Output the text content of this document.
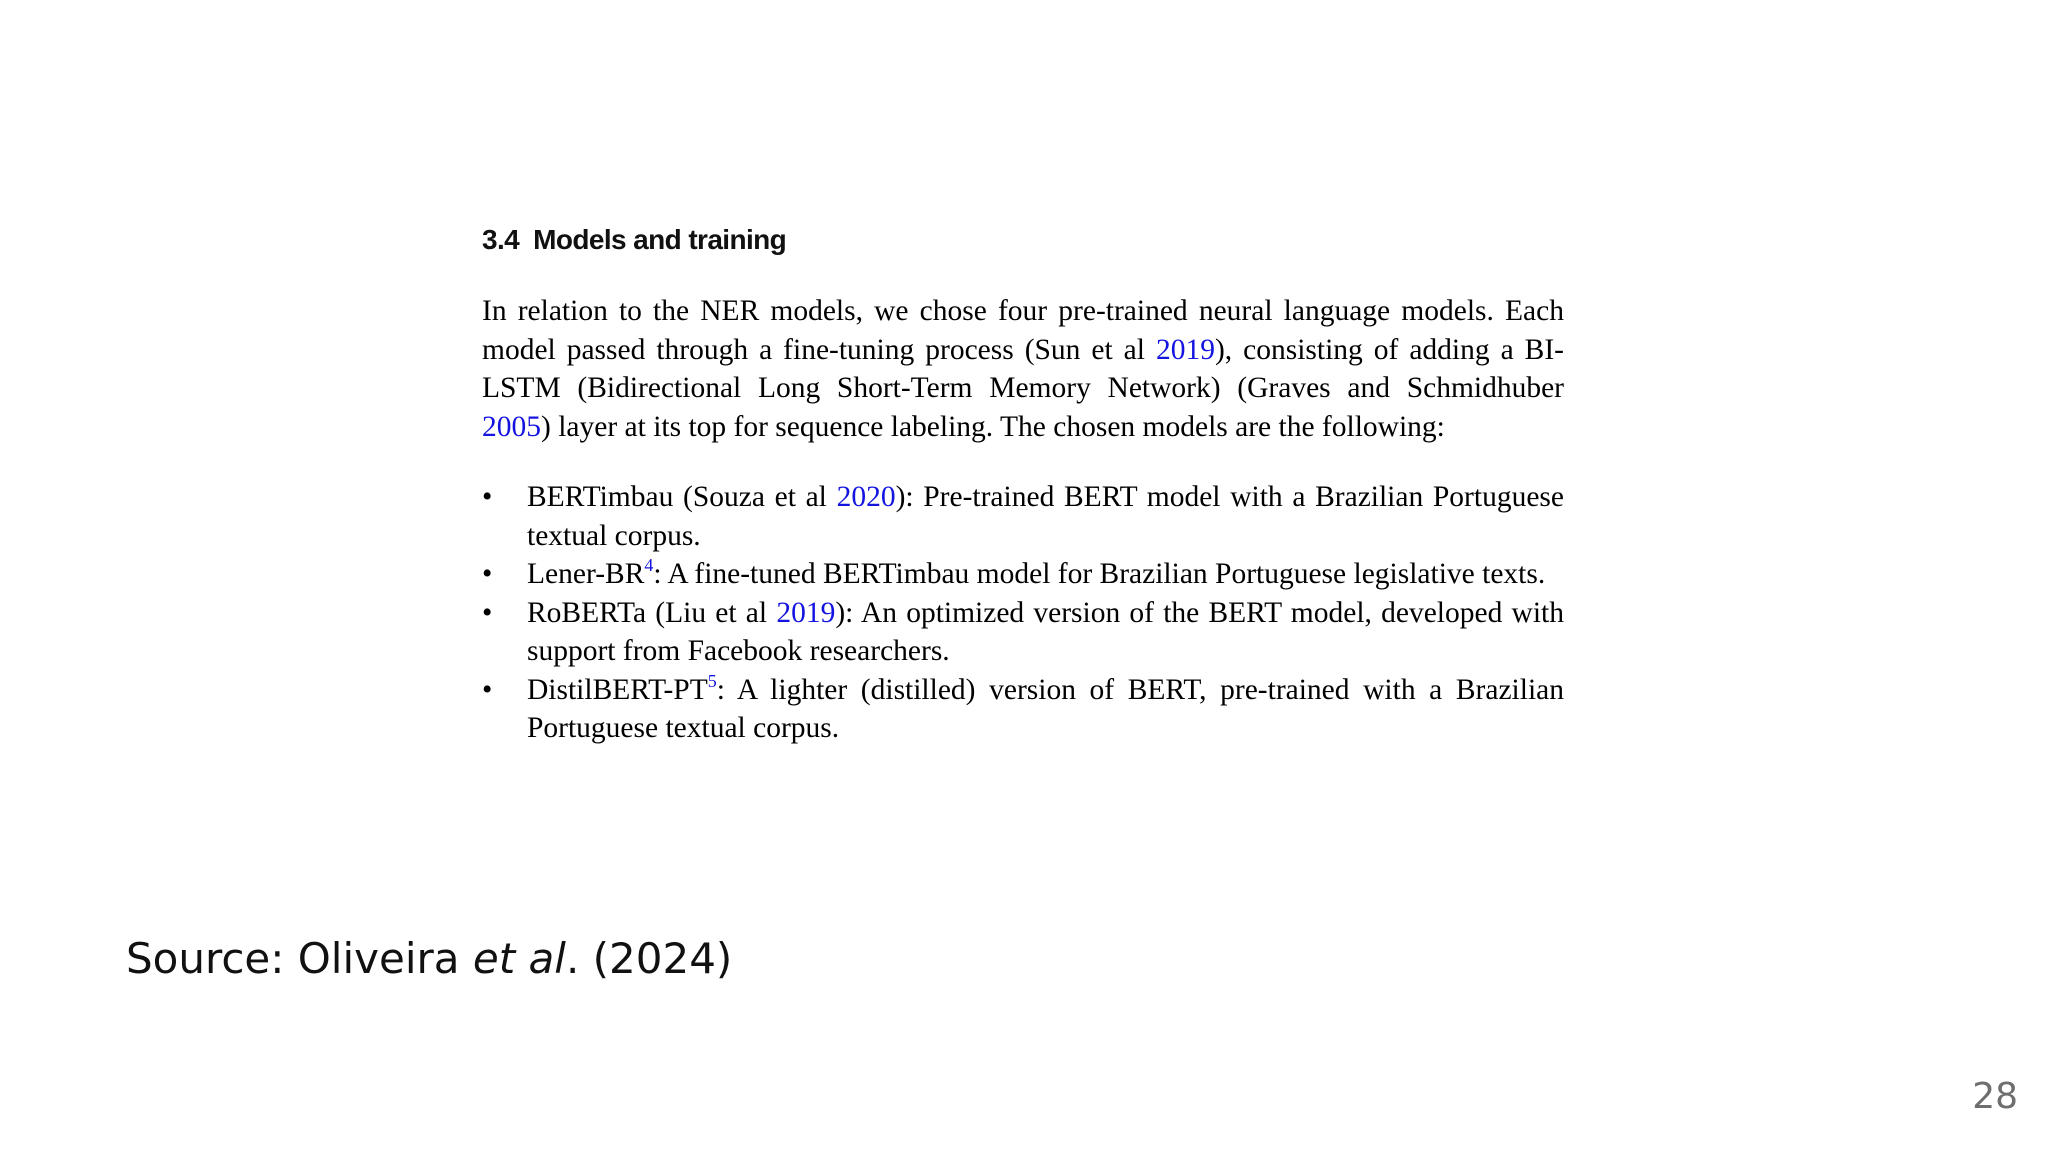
3.4 Models and training

In relation to the NER models, we chose four pre-trained neural language models. Each model passed through a fine-tuning process (Sun et al 2019), consisting of adding a BI-LSTM (Bidirectional Long Short-Term Memory Network) (Graves and Schmidhuber 2005) layer at its top for sequence labeling. The chosen models are the following:

• BERTimbau (Souza et al 2020): Pre-trained BERT model with a Brazilian Portuguese textual corpus.
• Lener-BR$^4$: A fine-tuned BERTimbau model for Brazilian Portuguese legislative texts.
• RoBERTa (Liu et al 2019): An optimized version of the BERT model, developed with support from Facebook researchers.
• DistilBERT-PT$^5$: A lighter (distilled) version of BERT, pre-trained with a Brazilian Portuguese textual corpus.
Source: Oliveira et al. (2024)
28
